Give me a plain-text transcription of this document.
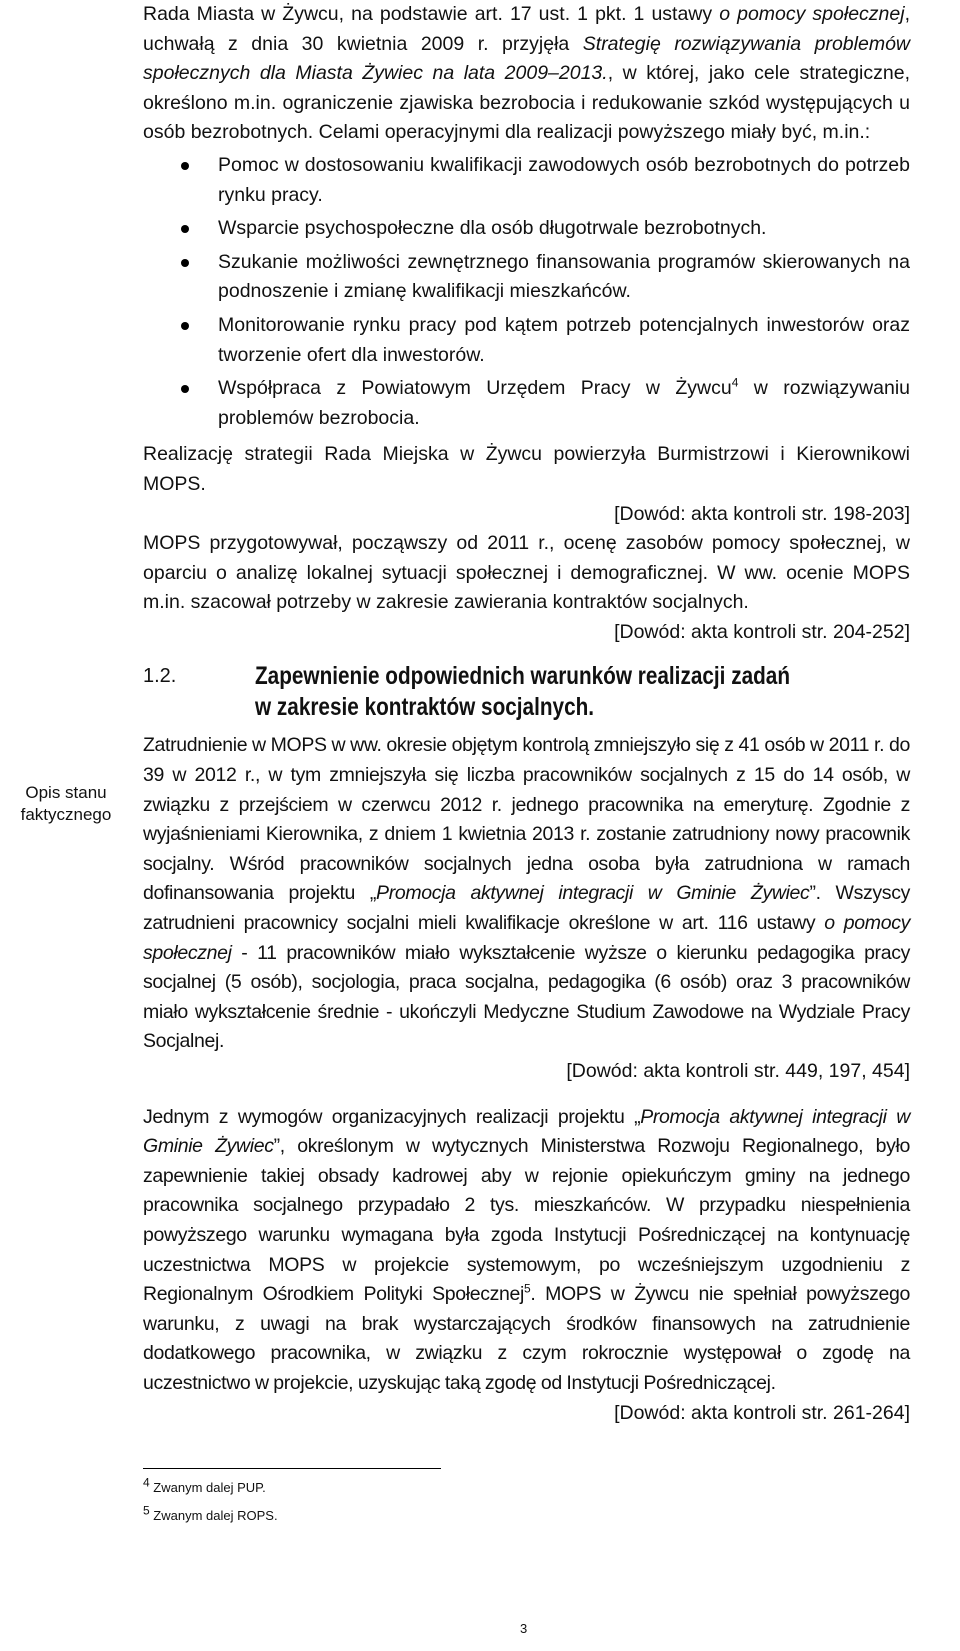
Opis stanu faktycznego

Rada Miasta w Żywcu, na podstawie art. 17 ust. 1 pkt. 1 ustawy o pomocy społecznej, uchwałą z dnia 30 kwietnia 2009 r. przyjęła Strategię rozwiązywania problemów społecznych dla Miasta Żywiec na lata 2009–2013., w której, jako cele strategiczne, określono m.in. ograniczenie zjawiska bezrobocia i redukowanie szkód występujących u osób bezrobotnych. Celami operacyjnymi dla realizacji powyższego miały być, m.in.:

Pomoc w dostosowaniu kwalifikacji zawodowych osób bezrobotnych do potrzeb rynku pracy.
Wsparcie psychospołeczne dla osób długotrwale bezrobotnych.
Szukanie możliwości zewnętrznego finansowania programów skierowanych na podnoszenie i zmianę kwalifikacji mieszkańców.
Monitorowanie rynku pracy pod kątem potrzeb potencjalnych inwestorów oraz tworzenie ofert dla inwestorów.
Współpraca z Powiatowym Urzędem Pracy w Żywcu$^4$ w rozwiązywaniu problemów bezrobocia.

Realizację strategii Rada Miejska w Żywcu powierzyła Burmistrzowi i Kierownikowi MOPS.

[Dowód: akta kontroli str. 198-203]

MOPS przygotowywał, począwszy od 2011 r., ocenę zasobów pomocy społecznej, w oparciu o analizę lokalnej sytuacji społecznej i demograficznej. W ww. ocenie MOPS m.in. szacował potrzeby w zakresie zawierania kontraktów socjalnych.

[Dowód: akta kontroli str. 204-252]

1.2.	Zapewnienie odpowiednich warunków realizacji zadań w zakresie kontraktów socjalnych.

Zatrudnienie w MOPS w ww. okresie objętym kontrolą zmniejszyło się z 41 osób w 2011 r. do 39 w 2012 r., w tym zmniejszyła się liczba pracowników socjalnych z 15 do 14 osób, w związku z przejściem w czerwcu 2012 r. jednego pracownika na emeryturę. Zgodnie z wyjaśnieniami Kierownika, z dniem 1 kwietnia 2013 r. zostanie zatrudniony nowy pracownik socjalny. Wśród pracowników socjalnych jedna osoba była zatrudniona w ramach dofinansowania projektu „Promocja aktywnej integracji w Gminie Żywiec”. Wszyscy zatrudnieni pracownicy socjalni mieli kwalifikacje określone w art. 116 ustawy o pomocy społecznej - 11 pracowników miało wykształcenie wyższe o kierunku pedagogika pracy socjalnej (5 osób), socjologia, praca socjalna, pedagogika (6 osób) oraz 3 pracowników miało wykształcenie średnie - ukończyli Medyczne Studium Zawodowe na Wydziale Pracy Socjalnej.

[Dowód: akta kontroli str. 449, 197, 454]

Jednym z wymogów organizacyjnych realizacji projektu „Promocja aktywnej integracji w Gminie Żywiec”, określonym w wytycznych Ministerstwa Rozwoju Regionalnego, było zapewnienie takiej obsady kadrowej aby w rejonie opiekuńczym gminy na jednego pracownika socjalnego przypadało 2 tys. mieszkańców. W przypadku niespełnienia powyższego warunku wymagana była zgoda Instytucji Pośredniczącej na kontynuację uczestnictwa MOPS w projekcie systemowym, po wcześniejszym uzgodnieniu z Regionalnym Ośrodkiem Polityki Społecznej$^5$. MOPS w Żywcu nie spełniał powyższego warunku, z uwagi na brak wystarczających środków finansowych na zatrudnienie dodatkowego pracownika, w związku z czym rokrocznie występował o zgodę na uczestnictwo w projekcie, uzyskując taką zgodę od Instytucji Pośredniczącej.

[Dowód: akta kontroli str. 261-264]

$^4$ Zwanym dalej PUP.
$^5$ Zwanym dalej ROPS.
3
